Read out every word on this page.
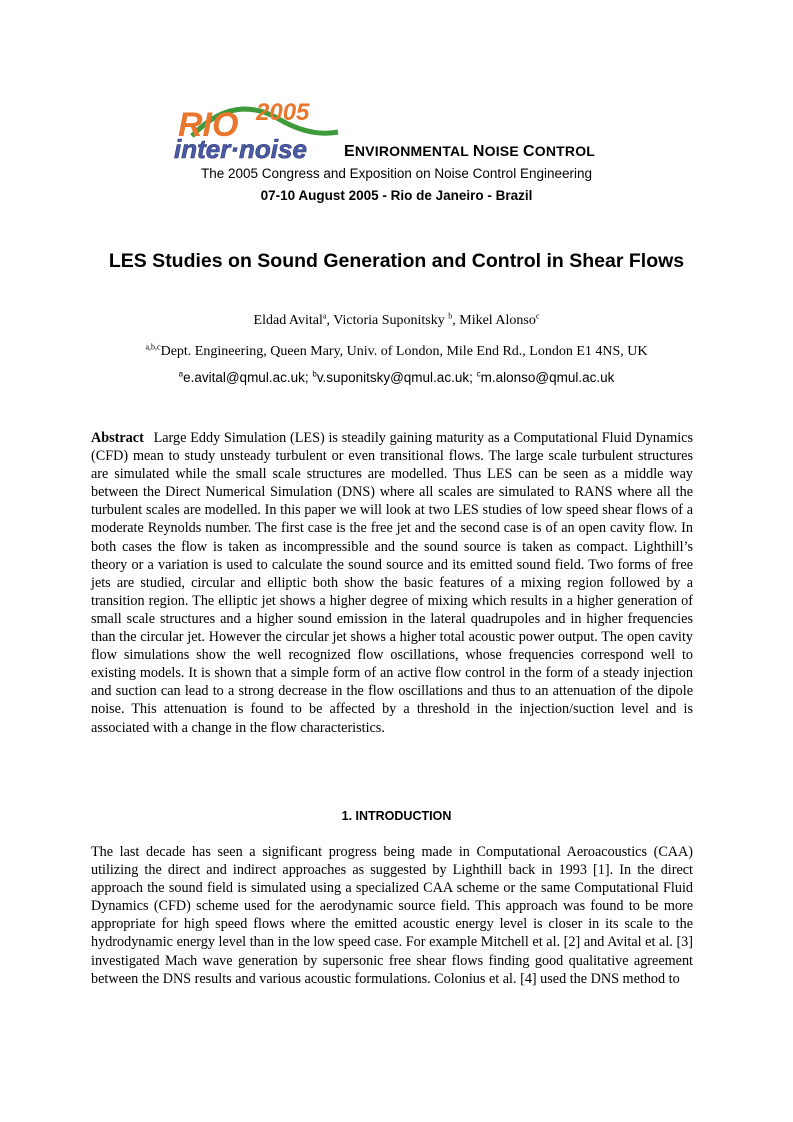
RIO 2005
inter·noise ENVIRONMENTAL NOISE CONTROL
The 2005 Congress and Exposition on Noise Control Engineering
07-10 August 2005 - Rio de Janeiro - Brazil
LES Studies on Sound Generation and Control in Shear Flows
Eldad Avital$^a$, Victoria Suponitsky $^b$, Mikel Alonso$^c$
$^{a,b,c}$Dept. Engineering, Queen Mary, Univ. of London, Mile End Rd., London E1 4NS, UK
$^a$e.avital@qmul.ac.uk; $^b$v.suponitsky@qmul.ac.uk; $^c$m.alonso@qmul.ac.uk

Abstract Large Eddy Simulation (LES) is steadily gaining maturity as a Computational Fluid Dynamics (CFD) mean to study unsteady turbulent or even transitional flows. The large scale turbulent structures are simulated while the small scale structures are modelled. Thus LES can be seen as a middle way between the Direct Numerical Simulation (DNS) where all scales are simulated to RANS where all the turbulent scales are modelled. In this paper we will look at two LES studies of low speed shear flows of a moderate Reynolds number. The first case is the free jet and the second case is of an open cavity flow. In both cases the flow is taken as incompressible and the sound source is taken as compact. Lighthill’s theory or a variation is used to calculate the sound source and its emitted sound field. Two forms of free jets are studied, circular and elliptic both show the basic features of a mixing region followed by a transition region. The elliptic jet shows a higher degree of mixing which results in a higher generation of small scale structures and a higher sound emission in the lateral quadrupoles and in higher frequencies than the circular jet. However the circular jet shows a higher total acoustic power output. The open cavity flow simulations show the well recognized flow oscillations, whose frequencies correspond well to existing models. It is shown that a simple form of an active flow control in the form of a steady injection and suction can lead to a strong decrease in the flow oscillations and thus to an attenuation of the dipole noise. This attenuation is found to be affected by a threshold in the injection/suction level and is associated with a change in the flow characteristics.

1. INTRODUCTION

The last decade has seen a significant progress being made in Computational Aeroacoustics (CAA) utilizing the direct and indirect approaches as suggested by Lighthill back in 1993 [1]. In the direct approach the sound field is simulated using a specialized CAA scheme or the same Computational Fluid Dynamics (CFD) scheme used for the aerodynamic source field. This approach was found to be more appropriate for high speed flows where the emitted acoustic energy level is closer in its scale to the hydrodynamic energy level than in the low speed case. For example Mitchell et al. [2] and Avital et al. [3] investigated Mach wave generation by supersonic free shear flows finding good qualitative agreement between the DNS results and various acoustic formulations. Colonius et al. [4] used the DNS method to
